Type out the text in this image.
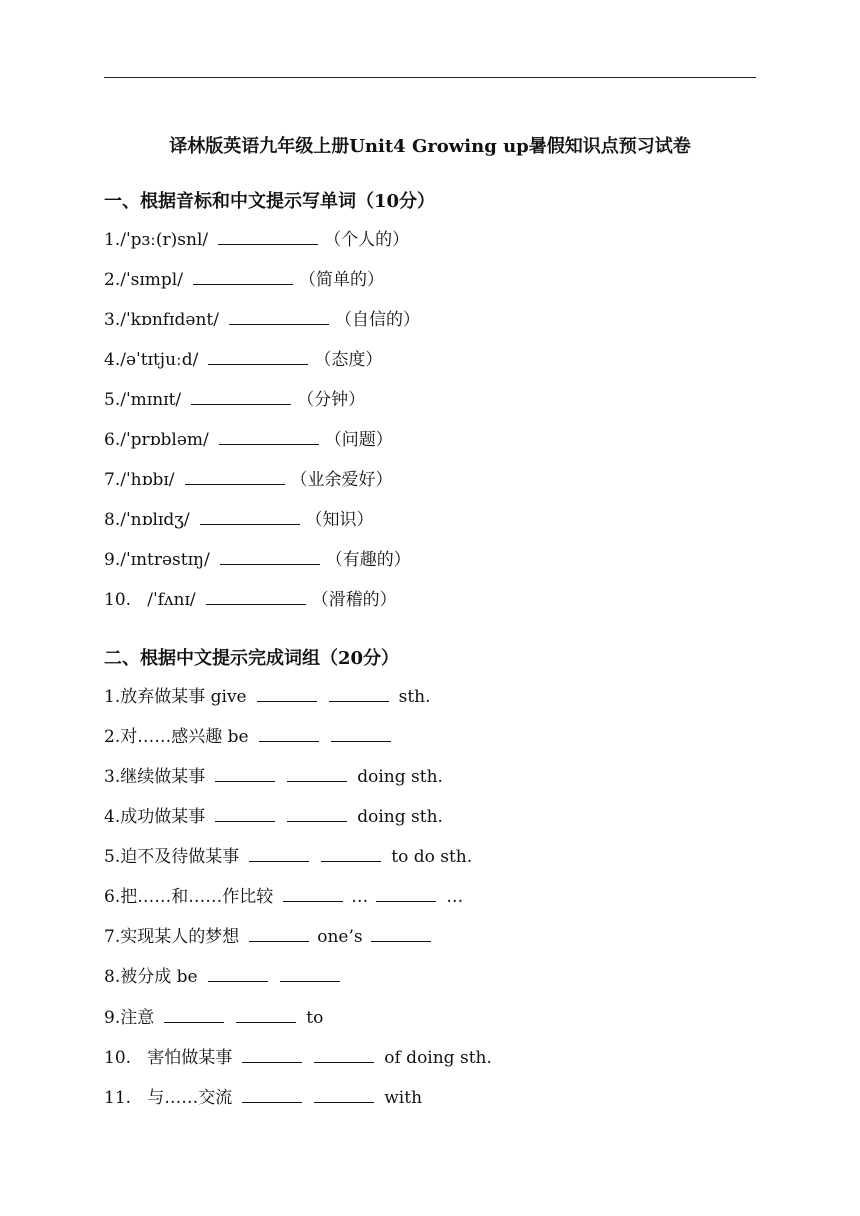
译林版英语九年级上册Unit4 Growing up暑假知识点预习试卷
一、根据音标和中文提示写单词（10分）
1./ˈpɜː(r)snl/	（个人的）
2./ˈsɪmpl/	（简单的）
3./ˈkɒnfɪdənt/	（自信的）
4./əˈtɪtjuːd/	（态度）
5./ˈmɪnɪt/	（分钟）
6./ˈprɒbləm/	（问题）
7./ˈhɒbɪ/	（业余爱好）
8./ˈnɒlɪdʒ/	（知识）
9./ˈɪntrəstɪŋ/	（有趣的）
10.   /ˈfʌnɪ/	（滑稽的）
二、根据中文提示完成词组（20分）
1.放弃做某事 give	sth.
2.对……感兴趣 be
3.继续做某事	doing sth.
4.成功做某事	doing sth.
5.迫不及待做某事	to do sth.
6.把……和……作比较	…	…
7.实现某人的梦想	one’s
8.被分成 be
9.注意	to
10.   害怕做某事	of doing sth.
11.   与……交流	with
